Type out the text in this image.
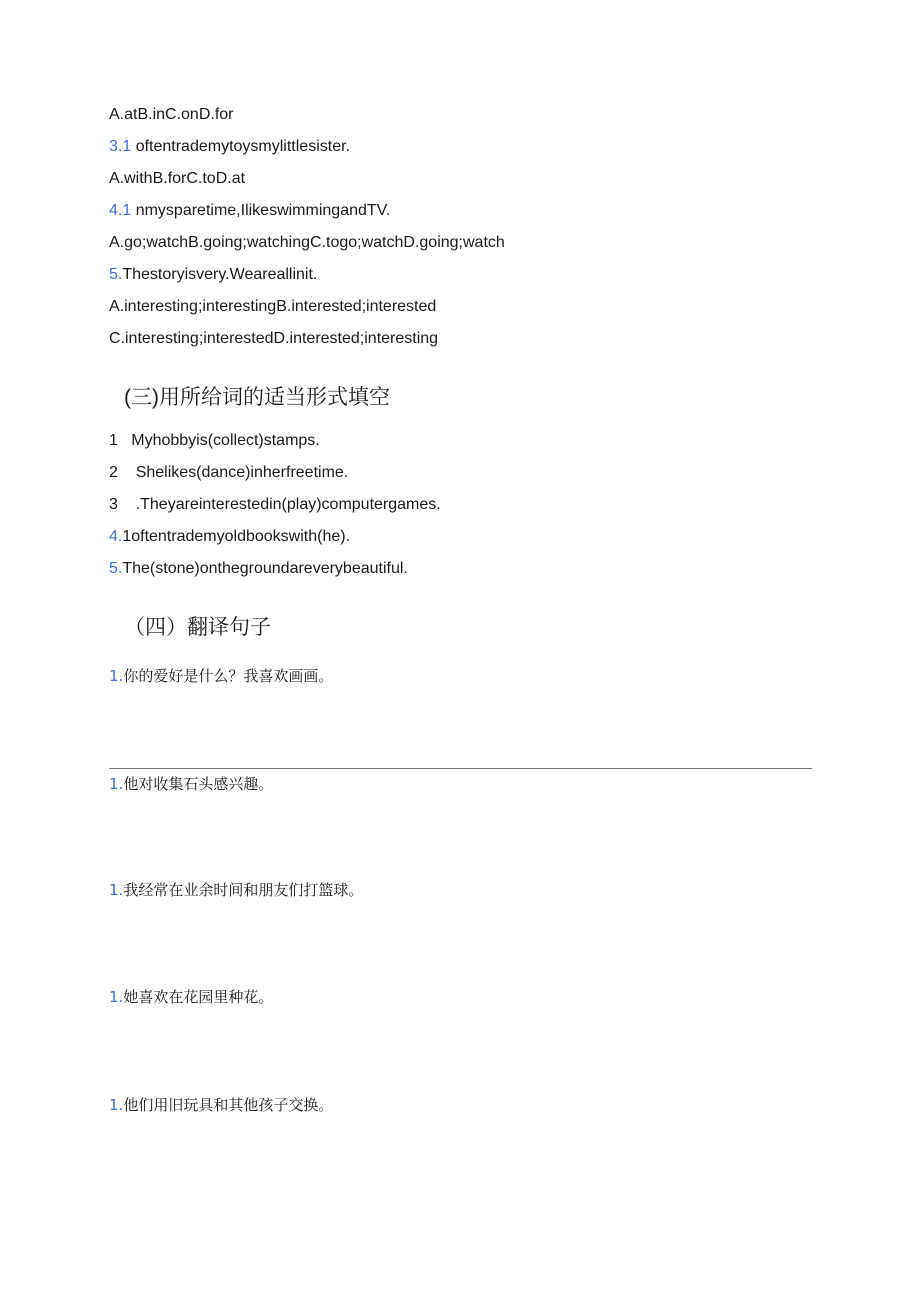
A.atB.inC.onD.for
3.1 oftentrademytoysmylittlesister.
A.withB.forC.toD.at
4.1 nmysparetime,IlikeswimmingandTV.
A.go;watchB.going;watchingC.togo;watchD.going;watch
5.Thestoryisvery.Weareallinit.
A.interesting;interestingB.interested;interested
C.interesting;interestedD.interested;interesting
(三)用所给词的适当形式填空
1 Myhobbyis(collect)stamps.
2 Shelikes(dance)inherfreetime.
3 .Theyareinterestedin(play)computergames.
4.1oftentrademyoldbookswith(he).
5.The(stone)onthegroundareverybeautiful.
（四）翻译句子
1.你的爱好是什么？我喜欢画画。
1.他对收集石头感兴趣。
1.我经常在业余时间和朋友们打篮球。
1.她喜欢在花园里种花。
1.他们用旧玩具和其他孩子交换。
